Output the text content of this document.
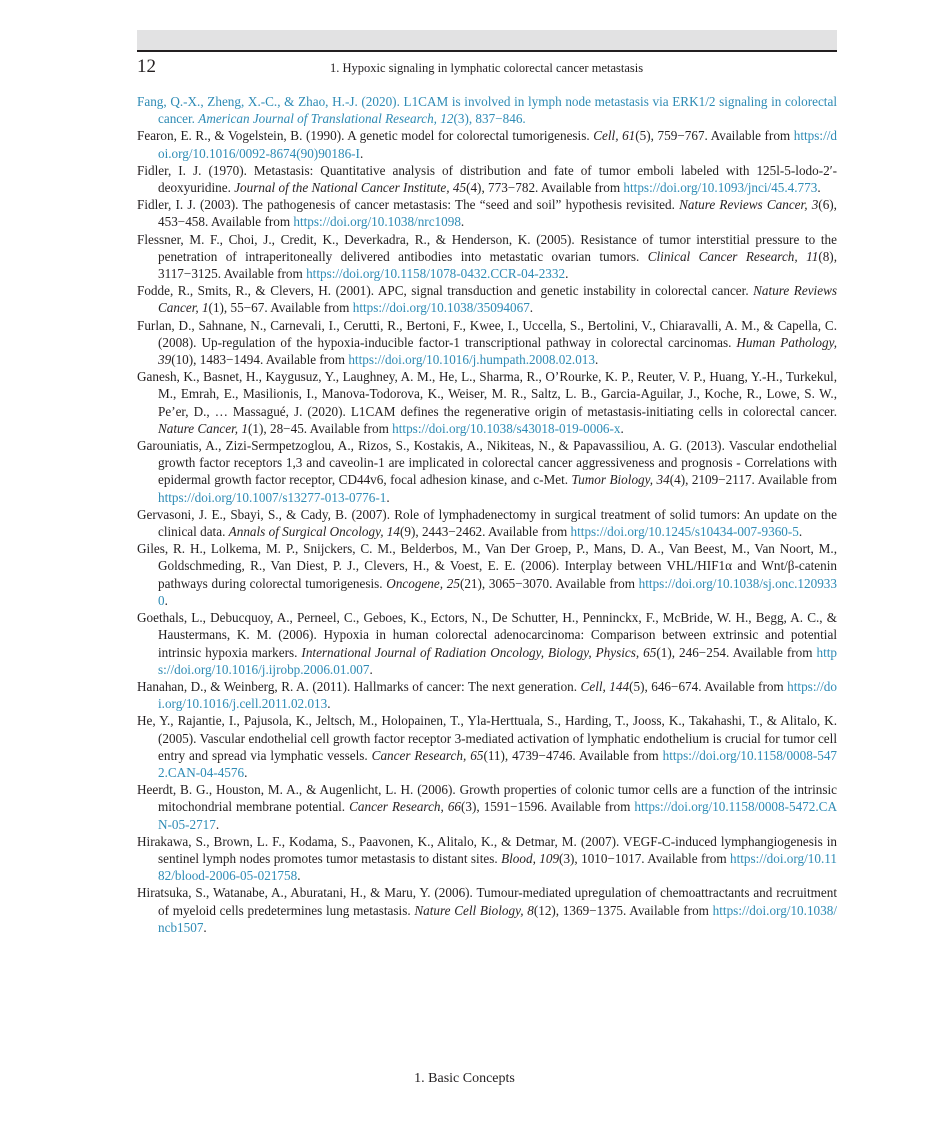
12	1. Hypoxic signaling in lymphatic colorectal cancer metastasis

Fang, Q.-X., Zheng, X.-C., & Zhao, H.-J. (2020). L1CAM is involved in lymph node metastasis via ERK1/2 signaling in colorectal cancer. American Journal of Translational Research, 12(3), 837−846.

Fearon, E. R., & Vogelstein, B. (1990). A genetic model for colorectal tumorigenesis. Cell, 61(5), 759−767. Available from https://doi.org/10.1016/0092-8674(90)90186-I.

Fidler, I. J. (1970). Metastasis: Quantitative analysis of distribution and fate of tumor emboli labeled with 125l-5-lodo-2′-deoxyuridine. Journal of the National Cancer Institute, 45(4), 773−782. Available from https://doi.org/10.1093/jnci/45.4.773.

Fidler, I. J. (2003). The pathogenesis of cancer metastasis: The “seed and soil” hypothesis revisited. Nature Reviews Cancer, 3(6), 453−458. Available from https://doi.org/10.1038/nrc1098.

Flessner, M. F., Choi, J., Credit, K., Deverkadra, R., & Henderson, K. (2005). Resistance of tumor interstitial pressure to the penetration of intraperitoneally delivered antibodies into metastatic ovarian tumors. Clinical Cancer Research, 11(8), 3117−3125. Available from https://doi.org/10.1158/1078-0432.CCR-04-2332.

Fodde, R., Smits, R., & Clevers, H. (2001). APC, signal transduction and genetic instability in colorectal cancer. Nature Reviews Cancer, 1(1), 55−67. Available from https://doi.org/10.1038/35094067.

Furlan, D., Sahnane, N., Carnevali, I., Cerutti, R., Bertoni, F., Kwee, I., Uccella, S., Bertolini, V., Chiaravalli, A. M., & Capella, C. (2008). Up-regulation of the hypoxia-inducible factor-1 transcriptional pathway in colorectal carcinomas. Human Pathology, 39(10), 1483−1494. Available from https://doi.org/10.1016/j.humpath.2008.02.013.

Ganesh, K., Basnet, H., Kaygusuz, Y., Laughney, A. M., He, L., Sharma, R., O’Rourke, K. P., Reuter, V. P., Huang, Y.-H., Turkekul, M., Emrah, E., Masilionis, I., Manova-Todorova, K., Weiser, M. R., Saltz, L. B., Garcia-Aguilar, J., Koche, R., Lowe, S. W., Pe’er, D., … Massagué, J. (2020). L1CAM defines the regenerative origin of metastasis-initiating cells in colorectal cancer. Nature Cancer, 1(1), 28−45. Available from https://doi.org/10.1038/s43018-019-0006-x.

Garouniatis, A., Zizi-Sermpetzoglou, A., Rizos, S., Kostakis, A., Nikiteas, N., & Papavassiliou, A. G. (2013). Vascular endothelial growth factor receptors 1,3 and caveolin-1 are implicated in colorectal cancer aggressiveness and prognosis - Correlations with epidermal growth factor receptor, CD44v6, focal adhesion kinase, and c-Met. Tumor Biology, 34(4), 2109−2117. Available from https://doi.org/10.1007/s13277-013-0776-1.

Gervasoni, J. E., Sbayi, S., & Cady, B. (2007). Role of lymphadenectomy in surgical treatment of solid tumors: An update on the clinical data. Annals of Surgical Oncology, 14(9), 2443−2462. Available from https://doi.org/10.1245/s10434-007-9360-5.

Giles, R. H., Lolkema, M. P., Snijckers, C. M., Belderbos, M., Van Der Groep, P., Mans, D. A., Van Beest, M., Van Noort, M., Goldschmeding, R., Van Diest, P. J., Clevers, H., & Voest, E. E. (2006). Interplay between VHL/HIF1α and Wnt/β-catenin pathways during colorectal tumorigenesis. Oncogene, 25(21), 3065−3070. Available from https://doi.org/10.1038/sj.onc.1209330.

Goethals, L., Debucquoy, A., Perneel, C., Geboes, K., Ectors, N., De Schutter, H., Penninckx, F., McBride, W. H., Begg, A. C., & Haustermans, K. M. (2006). Hypoxia in human colorectal adenocarcinoma: Comparison between extrinsic and potential intrinsic hypoxia markers. International Journal of Radiation Oncology, Biology, Physics, 65(1), 246−254. Available from https://doi.org/10.1016/j.ijrobp.2006.01.007.

Hanahan, D., & Weinberg, R. A. (2011). Hallmarks of cancer: The next generation. Cell, 144(5), 646−674. Available from https://doi.org/10.1016/j.cell.2011.02.013.

He, Y., Rajantie, I., Pajusola, K., Jeltsch, M., Holopainen, T., Yla-Herttuala, S., Harding, T., Jooss, K., Takahashi, T., & Alitalo, K. (2005). Vascular endothelial cell growth factor receptor 3-mediated activation of lymphatic endothelium is crucial for tumor cell entry and spread via lymphatic vessels. Cancer Research, 65(11), 4739−4746. Available from https://doi.org/10.1158/0008-5472.CAN-04-4576.

Heerdt, B. G., Houston, M. A., & Augenlicht, L. H. (2006). Growth properties of colonic tumor cells are a function of the intrinsic mitochondrial membrane potential. Cancer Research, 66(3), 1591−1596. Available from https://doi.org/10.1158/0008-5472.CAN-05-2717.

Hirakawa, S., Brown, L. F., Kodama, S., Paavonen, K., Alitalo, K., & Detmar, M. (2007). VEGF-C-induced lymphangiogenesis in sentinel lymph nodes promotes tumor metastasis to distant sites. Blood, 109(3), 1010−1017. Available from https://doi.org/10.1182/blood-2006-05-021758.

Hiratsuka, S., Watanabe, A., Aburatani, H., & Maru, Y. (2006). Tumour-mediated upregulation of chemoattractants and recruitment of myeloid cells predetermines lung metastasis. Nature Cell Biology, 8(12), 1369−1375. Available from https://doi.org/10.1038/ncb1507.

1. Basic Concepts
